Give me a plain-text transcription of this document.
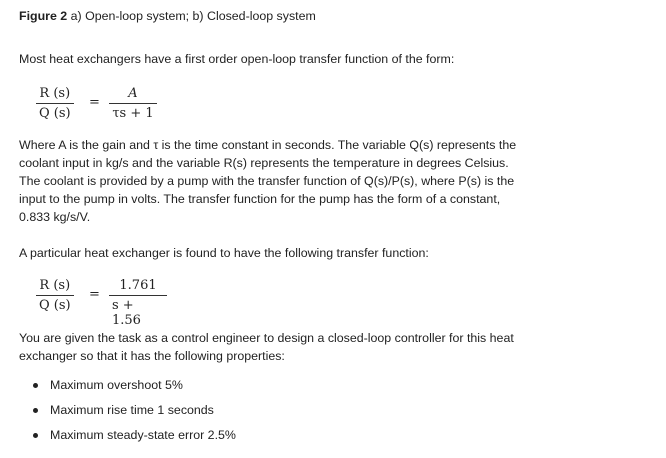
Figure 2 a) Open-loop system; b) Closed-loop system
Most heat exchangers have a first order open-loop transfer function of the form:
R (s)
Q (s)
=
A
τs + 1
Where A is the gain and τ is the time constant in seconds. The variable Q(s) represents the
coolant input in kg/s and the variable R(s) represents the temperature in degrees Celsius.
The coolant is provided by a pump with the transfer function of Q(s)/P(s), where P(s) is the
input to the pump in volts. The transfer function for the pump has the form of a constant,
0.833 kg/s/V.
A particular heat exchanger is found to have the following transfer function:
R (s)
Q (s)
=
1.761
s + 1.56
You are given the task as a control engineer to design a closed-loop controller for this heat
exchanger so that it has the following properties:
Maximum overshoot 5%
Maximum rise time 1 seconds
Maximum steady-state error 2.5%
